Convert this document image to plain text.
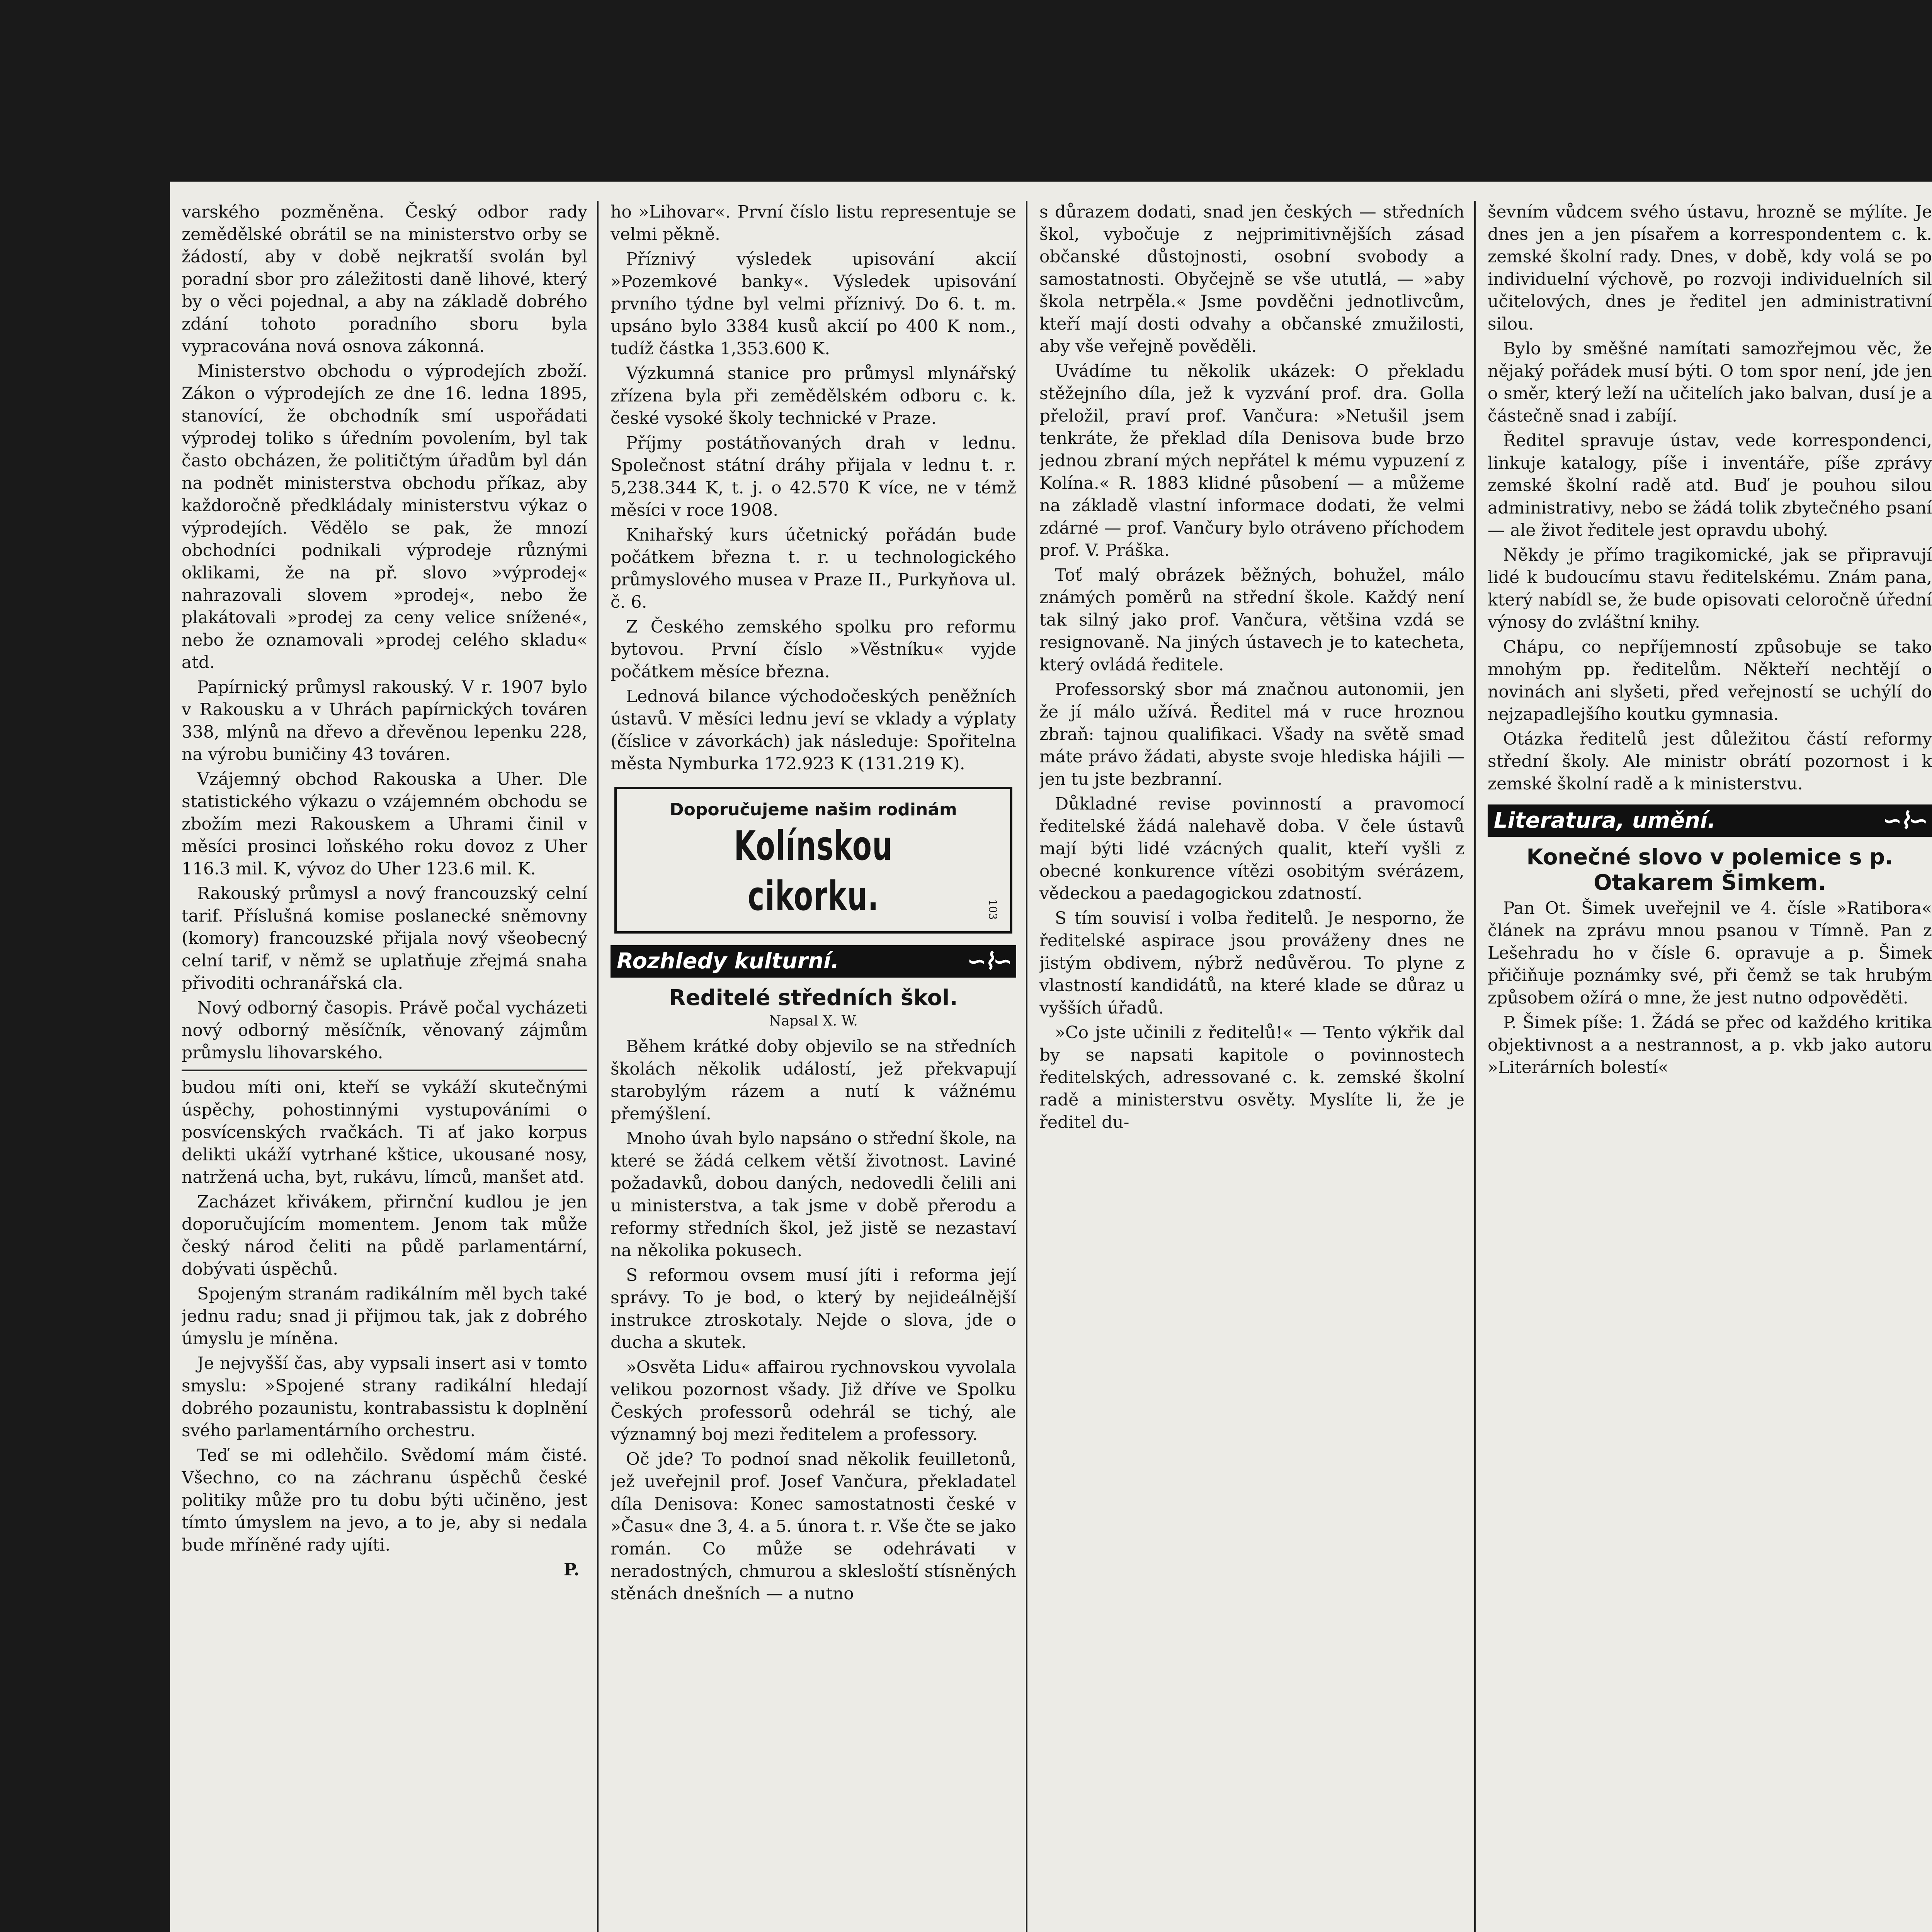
varského pozměněna. Český odbor rady zemědělské obrátil se na ministerstvo orby se žádostí, aby v době nejkratší svolán byl poradní sbor pro záležitosti daně lihové, který by o věci pojednal, a aby na základě dobrého zdání tohoto poradního sboru byla vypracována nová osnova zákonná.

Ministerstvo obchodu o výprodejích zboží. Zákon o výprodejích ze dne 16. ledna 1895, stanovící, že obchodník smí uspořádati výprodej toliko s úředním povolením, byl tak často obcházen, že političtým úřadům byl dán na podnět ministerstva obchodu příkaz, aby každoročně předkládaly ministerstvu výkaz o výprodejích. Vědělo se pak, že mnozí obchodníci podnikali výprodeje různými oklikami, že na př. slovo »výprodej« nahrazovali slovem »prodej«, nebo že plakátovali »prodej za ceny velice snížené«, nebo že oznamovali »prodej celého skladu« atd.

Papírnický průmysl rakouský. V r. 1907 bylo v Rakousku a v Uhrách papírnických továren 338, mlýnů na dřevo a dřevěnou lepenku 228, na výrobu buničiny 43 továren.

Vzájemný obchod Rakouska a Uher. Dle statistického výkazu o vzájemném obchodu se zbožím mezi Rakouskem a Uhrami činil v měsíci prosinci loňského roku dovoz z Uher 116.3 mil. K, vývoz do Uher 123.6 mil. K.

Rakouský průmysl a nový francouzský celní tarif. Příslušná komise poslanecké sněmovny (komory) francouzské přijala nový všeobecný celní tarif, v němž se uplatňuje zřejmá snaha přivoditi ochranářská cla.

Nový odborný časopis. Právě počal vycházeti nový odborný měsíčník, věnovaný zájmům průmyslu lihovarského.

budou míti oni, kteří se vykáží skutečnými úspěchy, pohostinnými vystupováními o posvícenských rvačkách. Ti ať jako korpus delikti ukáží vytrhané kštice, ukousané nosy, natržená ucha, byt, rukávu, límců, manšet atd.

Zacházet křivákem, přirnční kudlou je jen doporučujícím momentem. Jenom tak může český národ čeliti na půdě parlamentární, dobývati úspěchů.

Spojeným stranám radikálním měl bych také jednu radu; snad ji přijmou tak, jak z dobrého úmyslu je míněna.

Je nejvyšší čas, aby vypsali insert asi v tomto smyslu: »Spojené strany radikální hledají dobrého pozaunistu, kontrabassistu k doplnění svého parlamentárního orchestru.

Teď se mi odlehčilo. Svědomí mám čisté. Všechno, co na záchranu úspěchů české politiky může pro tu dobu býti učiněno, jest tímto úmyslem na jevo, a to je, aby si nedala bude mříněné rady ujíti.

P.

ho »Lihovar«. První číslo listu representuje se velmi pěkně.

Příznivý výsledek upisování akcií »Pozemkové banky«. Výsledek upisování prvního týdne byl velmi příznivý. Do 6. t. m. upsáno bylo 3384 kusů akcií po 400 K nom., tudíž částka 1,353.600 K.

Výzkumná stanice pro průmysl mlynářský zřízena byla při zemědělském odboru c. k. české vysoké školy technické v Praze.

Příjmy postátňovaných drah v lednu. Společnost státní dráhy přijala v lednu t. r. 5,238.344 K, t. j. o 42.570 K více, ne v témž měsíci v roce 1908.

Knihařský kurs účetnický pořádán bude počátkem března t. r. u technologického průmyslového musea v Praze II., Purkyňova ul. č. 6.

Z Českého zemského spolku pro reformu bytovou. První číslo »Věstníku« vyjde počátkem měsíce března.

Lednová bilance východočeských peněžních ústavů. V měsíci lednu jeví se vklady a výplaty (číslice v závorkách) jak následuje: Spořitelna města Nymburka 172.923 K (131.219 K).

Doporučujeme našim rodinám
Kolínskou cikorku.	103
Rozhledy kulturní.	∽⌇∽
Reditelé středních škol.
Napsal X. W.

Během krátké doby objevilo se na středních školách několik událostí, jež překvapují starobylým rázem a nutí k vážnému přemýšlení.

Mnoho úvah bylo napsáno o střední škole, na které se žádá celkem větší životnost. Laviné požadavků, dobou daných, nedovedli čelili ani u ministerstva, a tak jsme v době přerodu a reformy středních škol, jež jistě se nezastaví na několika pokusech.

S reformou ovsem musí jíti i reforma její správy. To je bod, o který by nejideálnější instrukce ztroskotaly. Nejde o slova, jde o ducha a skutek.

»Osvěta Lidu« affairou rychnovskou vyvolala velikou pozornost všady. Již dříve ve Spolku Českých professorů odehrál se tichý, ale významný boj mezi ředitelem a professory.

Oč jde? To podnoí snad několik feuilletonů, jež uveřejnil prof. Josef Vančura, překladatel díla Denisova: Konec samostatnosti české v »Času« dne 3, 4. a 5. února t. r. Vše čte se jako román. Co může se odehrávati v neradostných, chmurou a sklesloští stísněných stěnách dnešních — a nutno

s důrazem dodati, snad jen českých — středních škol, vybočuje z nejprimitivnějších zásad občanské důstojnosti, osobní svobody a samostatnosti. Obyčejně se vše ututlá, — »aby škola netrpěla.« Jsme povděčni jednotlivcům, kteří mají dosti odvahy a občanské zmužilosti, aby vše veřejně pověděli.

Uvádíme tu několik ukázek: O překladu stěžejního díla, jež k vyzvání prof. dra. Golla přeložil, praví prof. Vančura: »Netušil jsem tenkráte, že překlad díla Denisova bude brzo jednou zbraní mých nepřátel k mému vypuzení z Kolína.« R. 1883 klidné působení — a můžeme na základě vlastní informace dodati, že velmi zdárné — prof. Vančury bylo otráveno příchodem prof. V. Práška.

Toť malý obrázek běžných, bohužel, málo známých poměrů na střední škole. Každý není tak silný jako prof. Vančura, většina vzdá se resignovaně. Na jiných ústavech je to katecheta, který ovládá ředitele.

Professorský sbor má značnou autonomii, jen že jí málo užívá. Ředitel má v ruce hroznou zbraň: tajnou qualifikaci. Všady na světě smad máte právo žádati, abyste svoje hlediska hájili — jen tu jste bezbranní.

Důkladné revise povinností a pravomocí ředitelské žádá nalehavě doba. V čele ústavů mají býti lidé vzácných qualit, kteří vyšli z obecné konkurence vítězi osobitým svérázem, vědeckou a paedagogickou zdatností.

S tím souvisí i volba ředitelů. Je nesporno, že ředitelské aspirace jsou prováženy dnes ne jistým obdivem, nýbrž nedůvěrou. To plyne z vlastností kandidátů, na které klade se důraz u vyšších úřadů.

»Co jste učinili z ředitelů!« — Tento výkřik dal by se napsati kapitole o povinnostech ředitelských, adressované c. k. zemské školní radě a ministerstvu osvěty. Myslíte li, že je ředitel du-

ševním vůdcem svého ústavu, hrozně se mýlíte. Je dnes jen a jen písařem a korrespondentem c. k. zemské školní rady. Dnes, v době, kdy volá se po individuelní výchově, po rozvoji individuelních sil učitelových, dnes je ředitel jen administrativní silou.

Bylo by směšné namítati samozřejmou věc, že nějaký pořádek musí býti. O tom spor není, jde jen o směr, který leží na učitelích jako balvan, dusí je a částečně snad i zabíjí.

Ředitel spravuje ústav, vede korrespondenci, linkuje katalogy, píše i inventáře, píše zprávy zemské školní radě atd. Buď je pouhou silou administrativy, nebo se žádá tolik zbytečného psaní — ale život ředitele jest opravdu ubohý.

Někdy je přímo tragikomické, jak se připravují lidé k budoucímu stavu ředitelskému. Znám pana, který nabídl se, že bude opisovati celoročně úřední výnosy do zvláštní knihy.

Chápu, co nepříjemností způsobuje se tako mnohým pp. ředitelům. Někteří nechtějí o novinách ani slyšeti, před veřejností se uchýlí do nejzapadlejšího koutku gymnasia.

Otázka ředitelů jest důležitou částí reformy střední školy. Ale ministr obrátí pozornost i k zemské školní radě a k ministerstvu.

Literatura, umění.	∽⌇∽
Konečné slovo v polemice s p. Otakarem Šimkem.

Pan Ot. Šimek uveřejnil ve 4. čísle »Ratibora« článek na zprávu mnou psanou v Tímně. Pan z Lešehradu ho v čísle 6. opravuje a p. Šimek přičiňuje poznámky své, při čemž se tak hrubým způsobem ožírá o mne, že jest nutno odpověděti.

P. Šimek píše: 1. Žádá se přec od každého kritika objektivnost a a nestrannost, a p. vkb jako autoru »Literárních bolestí«
